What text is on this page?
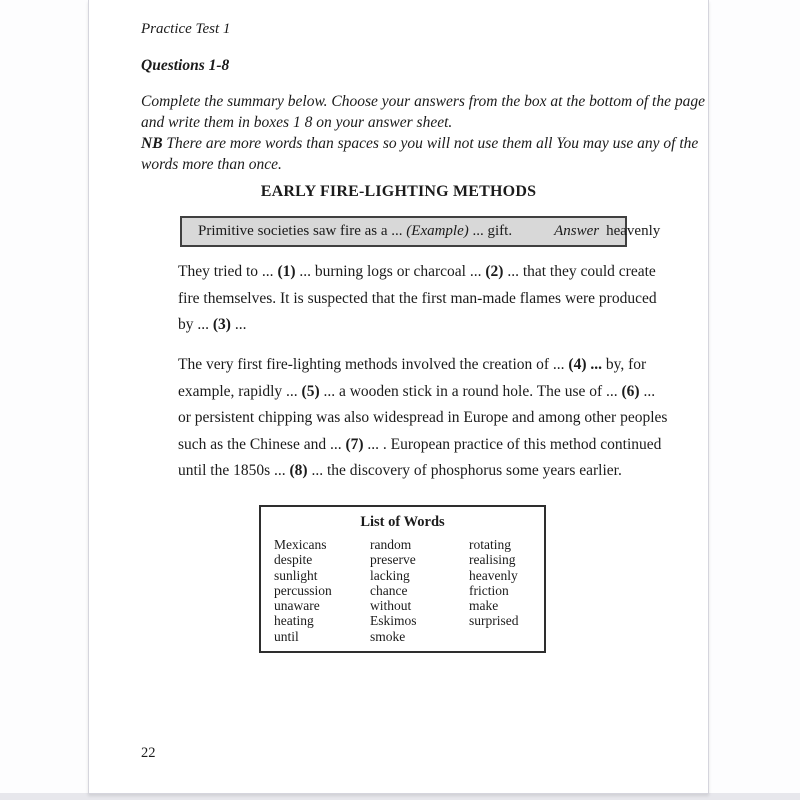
Practice Test 1
Questions 1-8
Complete the summary below. Choose your answers from the box at the bottom of the page
and write them in boxes 1 8 on your answer sheet.
NB There are more words than spaces so you will not use them all You may use any of the
words more than once.
EARLY FIRE-LIGHTING METHODS
Primitive societies saw fire as a ... (Example) ... gift.	Answer heavenly
They tried to ... (1) ... burning logs or charcoal ... (2) ... that they could create
fire themselves. It is suspected that the first man-made flames were produced
by ... (3) ...
The very first fire-lighting methods involved the creation of ... (4) ... by, for
example, rapidly ... (5) ... a wooden stick in a round hole. The use of ... (6) ...
or persistent chipping was also widespread in Europe and among other peoples
such as the Chinese and ... (7) ... . European practice of this method continued
until the 1850s ... (8) ... the discovery of phosphorus some years earlier.
List of Words
Mexicans
despite
sunlight
percussion
unaware
heating
until
random
preserve
lacking
chance
without
Eskimos
smoke
rotating
realising
heavenly
friction
make
surprised
22
